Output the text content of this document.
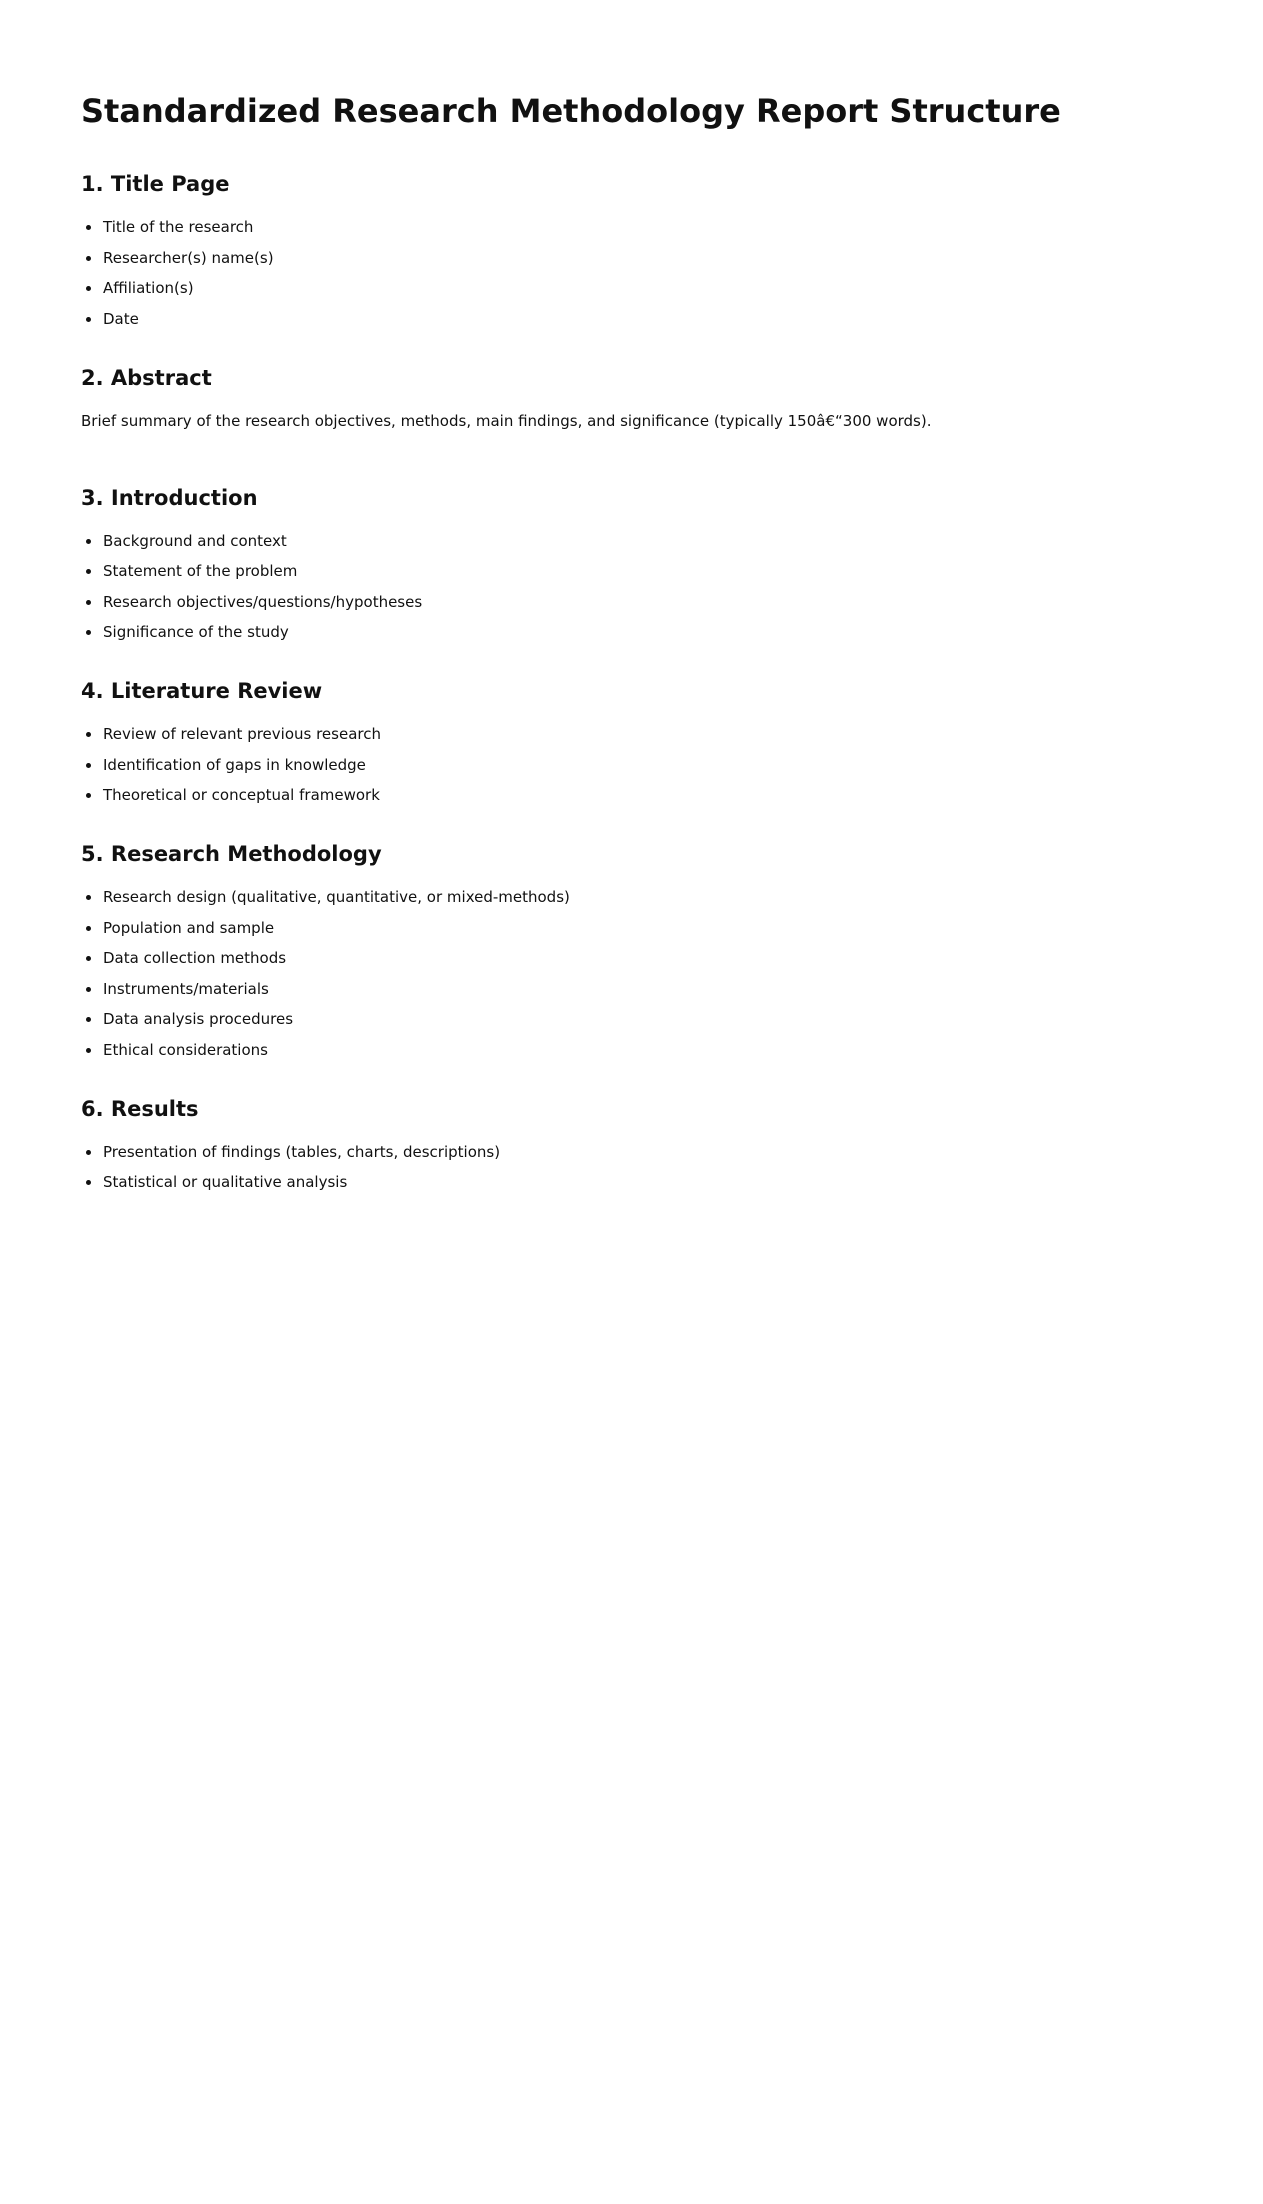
Standardized Research Methodology Report Structure
1. Title Page
Title of the research
Researcher(s) name(s)
Affiliation(s)
Date
2. Abstract

Brief summary of the research objectives, methods, main findings, and significance (typically 150â€“300 words).

3. Introduction
Background and context
Statement of the problem
Research objectives/questions/hypotheses
Significance of the study
4. Literature Review
Review of relevant previous research
Identification of gaps in knowledge
Theoretical or conceptual framework
5. Research Methodology
Research design (qualitative, quantitative, or mixed-methods)
Population and sample
Data collection methods
Instruments/materials
Data analysis procedures
Ethical considerations
6. Results
Presentation of findings (tables, charts, descriptions)
Statistical or qualitative analysis
